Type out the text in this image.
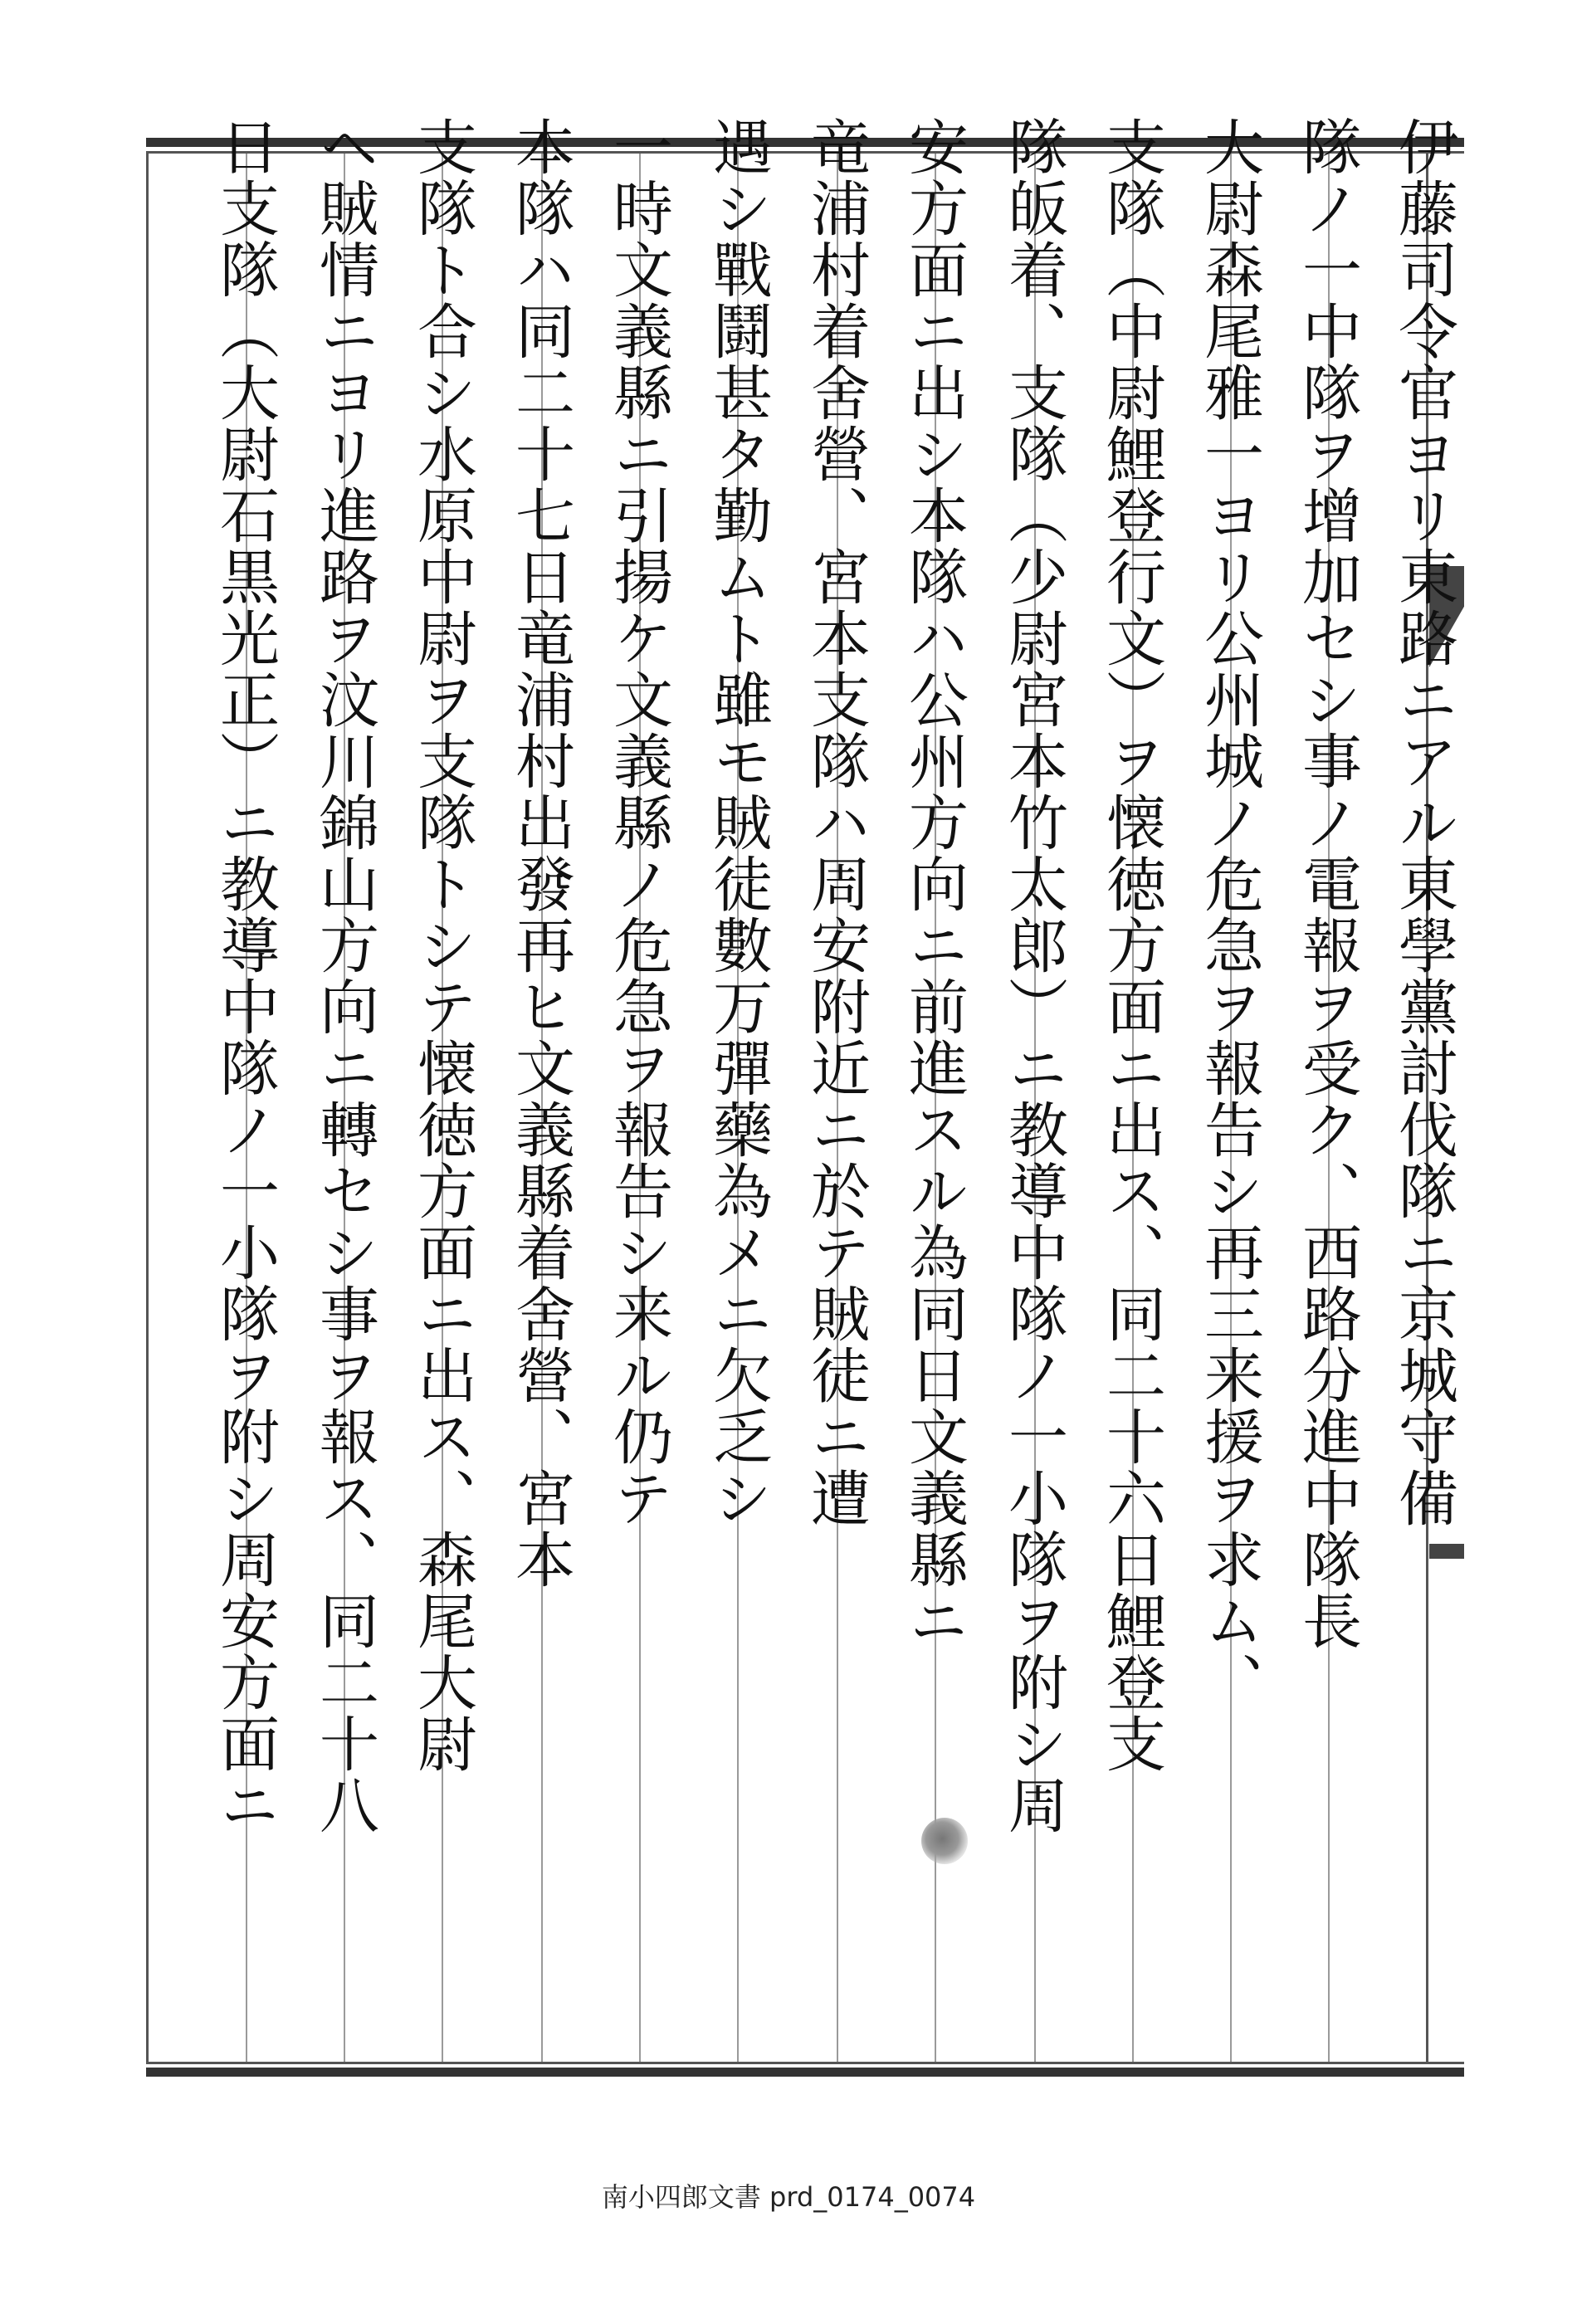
伊藤司令官ヨリ東路ニアル東學黨討伐隊ニ京城守備
隊ノ一中隊ヲ增加セシ事ノ電報ヲ受ク、西路分進中隊長
大尉森尾雅一ヨリ公州城ノ危急ヲ報告シ再三来援ヲ求ム、
支隊（中尉鯉登行文）ヲ懐徳方面ニ出ス、同二十六日鯉登支
隊皈着、支隊（少尉宮本竹太郎）ニ教導中隊ノ一小隊ヲ附シ周
安方面ニ出シ本隊ハ公州方向ニ前進スル為同日文義縣ニ
竜浦村着舍營、宮本支隊ハ周安附近ニ於テ賊徒ニ遭
遇シ戰鬪甚タ勤ムト雖モ賊徒數万彈藥為メニ欠乏シ
一時文義縣ニ引揚ケ文義縣ノ危急ヲ報告シ来ル仍テ
本隊ハ同二十七日竜浦村出發再ヒ文義縣着舍營、宮本
支隊ト合シ水原中尉ヲ支隊トシテ懐徳方面ニ出ス、森尾大尉
ヘ賊情ニヨリ進路ヲ汶川錦山方向ニ轉セシ事ヲ報ス、同二十八
日支隊（大尉石黒光正）ニ教導中隊ノ一小隊ヲ附シ周安方面ニ
南小四郎文書 prd_0174_0074
